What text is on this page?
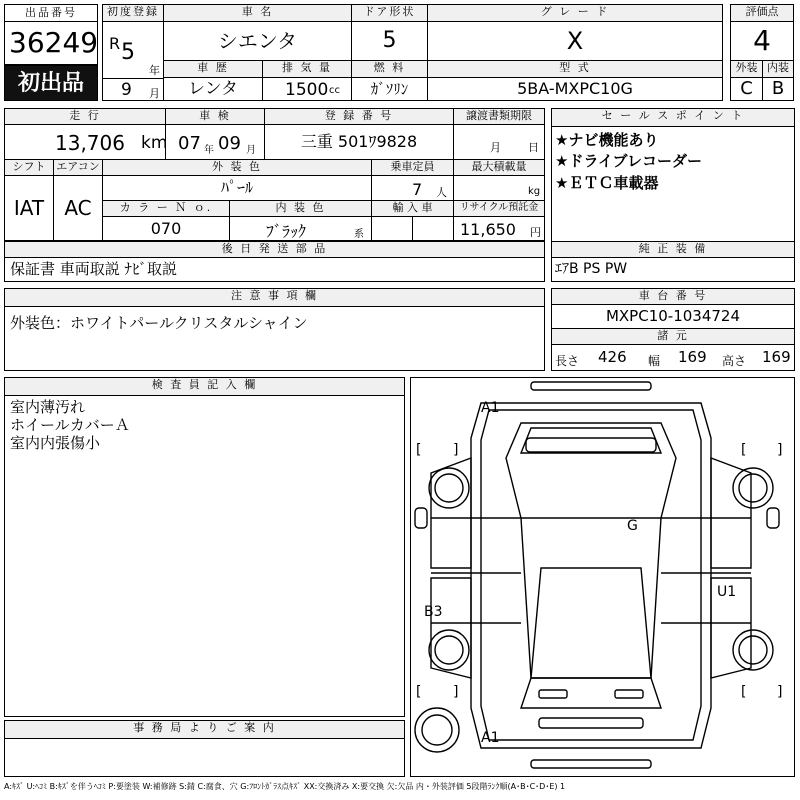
出品番号
36249
初出品
初度登録
R 5
年
9 月
車 名
シエンタ
ドア形状
5
グ レ ー ド
X
車 歴
レンタ
排 気 量
1500 cc
燃 料
ｶﾞｿﾘﾝ
型 式
5BA-MXPC10G
評価点
4
外装 内装
C	B
走 行
13,706 km
車 検
07 年 09 月
登 録 番 号
三重 501ﾜ9828
譲渡書類期限
月 日
セ ー ル ス ポ イ ン ト
★ナビ機能あり
★ドライブレコーダー
★ＥＴＣ車載器
シフト
IAT
エアコン
AC
外 装 色
ﾊﾟｰﾙ
乗車定員
7 人
最大積載量
kg
カ ラ ー Ｎ ｏ.
070
内 装 色
ﾌﾞﾗｯｸ	系
輸 入 車	リサイクル預託金
11,650 円
後 日 発 送 部 品
保証書 車両取説 ﾅﾋﾞ取説
純 正 装 備
ｴｱB PS PW
注 意 事 項 欄
外装色：ホワイトパールクリスタルシャイン
車 台 番 号
MXPC10-1034724
諸 元
長さ 426 幅 169 高さ 169
検 査 員 記 入 欄
室内薄汚れ
ホイールカバーＡ
室内内張傷小
事 務 局 よ り ご 案 内
A1
G
U1
B3
A1
[ ]	[ ]
[ ]	[ ]
A:ｷｽﾞ U:ﾍｺﾐ B:ｷｽﾞを伴うﾍｺﾐ P:要塗装 W:補修跡 S:錆 C:腐食、穴 G:ﾌﾛﾝﾄｶﾞﾗｽ点ｷｽﾞ XX:交換済み X:要交換 欠:欠品 内・外装評価 5段階ﾗﾝｸ順(A･B･C･D･E) 1
